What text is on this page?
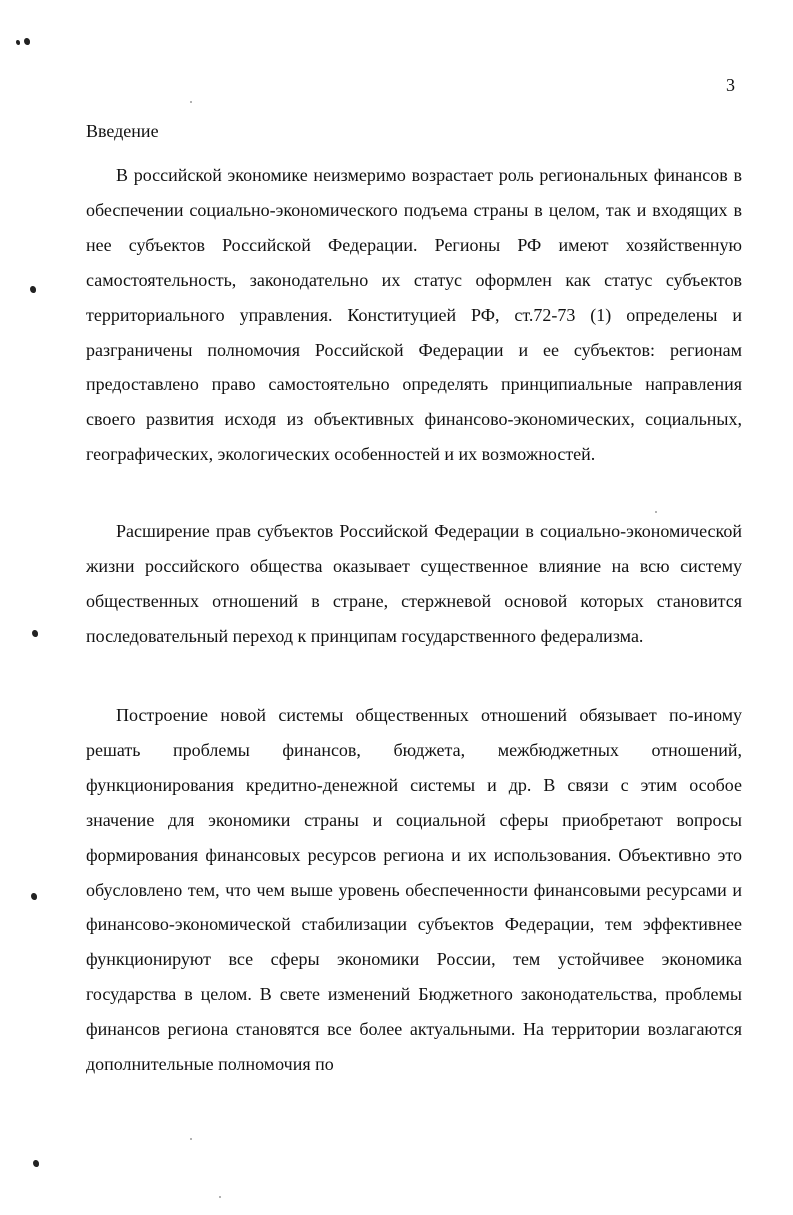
3
Введение

В российской экономике неизмеримо возрастает роль региональных финансов в обеспечении социально-экономического подъема страны в целом, так и входящих в нее субъектов Российской Федерации. Регионы РФ имеют хозяйственную самостоятельность, законодательно их статус оформлен как статус субъектов территориального управления. Конституцией РФ, ст.72-73 (1) определены и разграничены полномочия Российской Федерации и ее субъектов: регионам предоставлено право самостоятельно определять принципиальные направления своего развития исходя из объективных финансово-экономических, социальных, географических, экологических особенностей и их возможностей.

Расширение прав субъектов Российской Федерации в социально-экономической жизни российского общества оказывает существенное влияние на всю систему общественных отношений в стране, стержневой основой которых становится последовательный переход к принципам государственного федерализма.

Построение новой системы общественных отношений обязывает по-иному решать проблемы финансов, бюджета, межбюджетных отношений, функционирования кредитно-денежной системы и др. В связи с этим особое значение для экономики страны и социальной сферы приобретают вопросы формирования финансовых ресурсов региона и их использования. Объективно это обусловлено тем, что чем выше уровень обеспеченности финансовыми ресурсами и финансово-экономической стабилизации субъектов Федерации, тем эффективнее функционируют все сферы экономики России, тем устойчивее экономика государства в целом. В свете изменений Бюджетного законодательства, проблемы финансов региона становятся все более актуальными. На территории возлагаются дополнительные полномочия по
